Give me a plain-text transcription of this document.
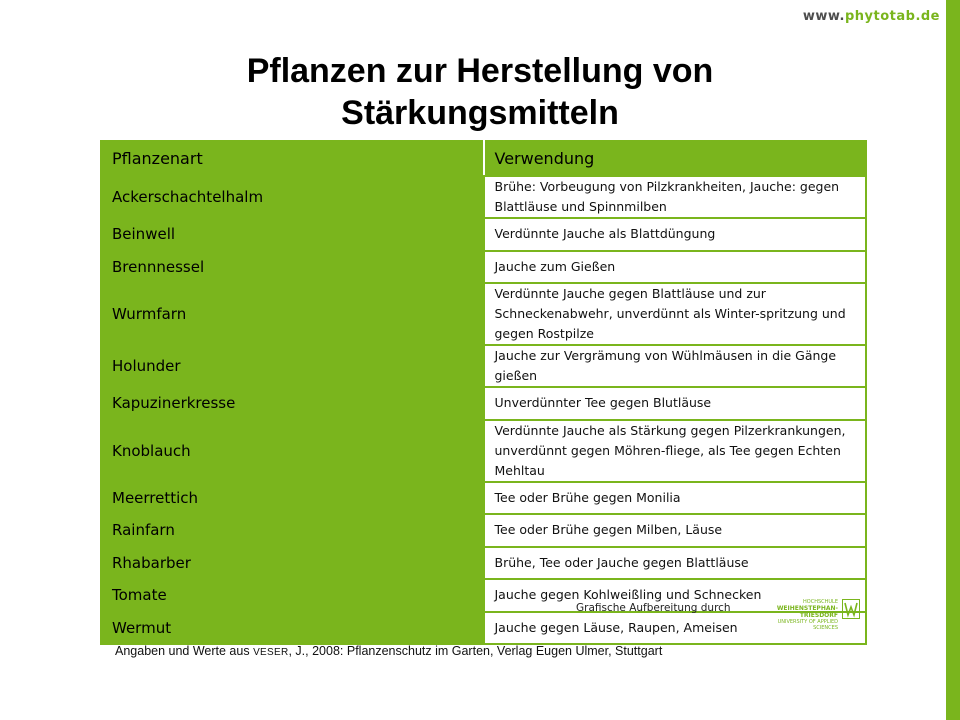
www.phytotab.de
Pflanzen zur Herstellung von
Stärkungsmitteln
Pflanzenart	Verwendung
Ackerschachtelhalm	Brühe: Vorbeugung von Pilzkrankheiten, Jauche: gegen Blattläuse und Spinnmilben
Beinwell	Verdünnte Jauche als Blattdüngung
Brennnessel	Jauche zum Gießen
Wurmfarn	Verdünnte Jauche gegen Blattläuse und zur Schneckenabwehr, unverdünnt als Winter-spritzung und gegen Rostpilze
Holunder	Jauche zur Vergrämung von Wühlmäusen in die Gänge gießen
Kapuzinerkresse	Unverdünnter Tee gegen Blutläuse
Knoblauch	Verdünnte Jauche als Stärkung gegen Pilzerkrankungen, unverdünnt gegen Möhren-fliege, als Tee gegen Echten Mehltau
Meerrettich	Tee oder Brühe gegen Monilia
Rainfarn	Tee oder Brühe gegen Milben, Läuse
Rhabarber	Brühe, Tee oder Jauche gegen Blattläuse
Tomate	Jauche gegen Kohlweißling und Schnecken
Wermut	Jauche gegen Läuse, Raupen, Ameisen
Grafische Aufbereitung durch	HOCHSCHULE
WEIHENSTEPHAN-TRIESDORF
UNIVERSITY OF APPLIED SCIENCES
Angaben und Werte aus VESER, J., 2008: Pflanzenschutz im Garten, Verlag Eugen Ulmer, Stuttgart
